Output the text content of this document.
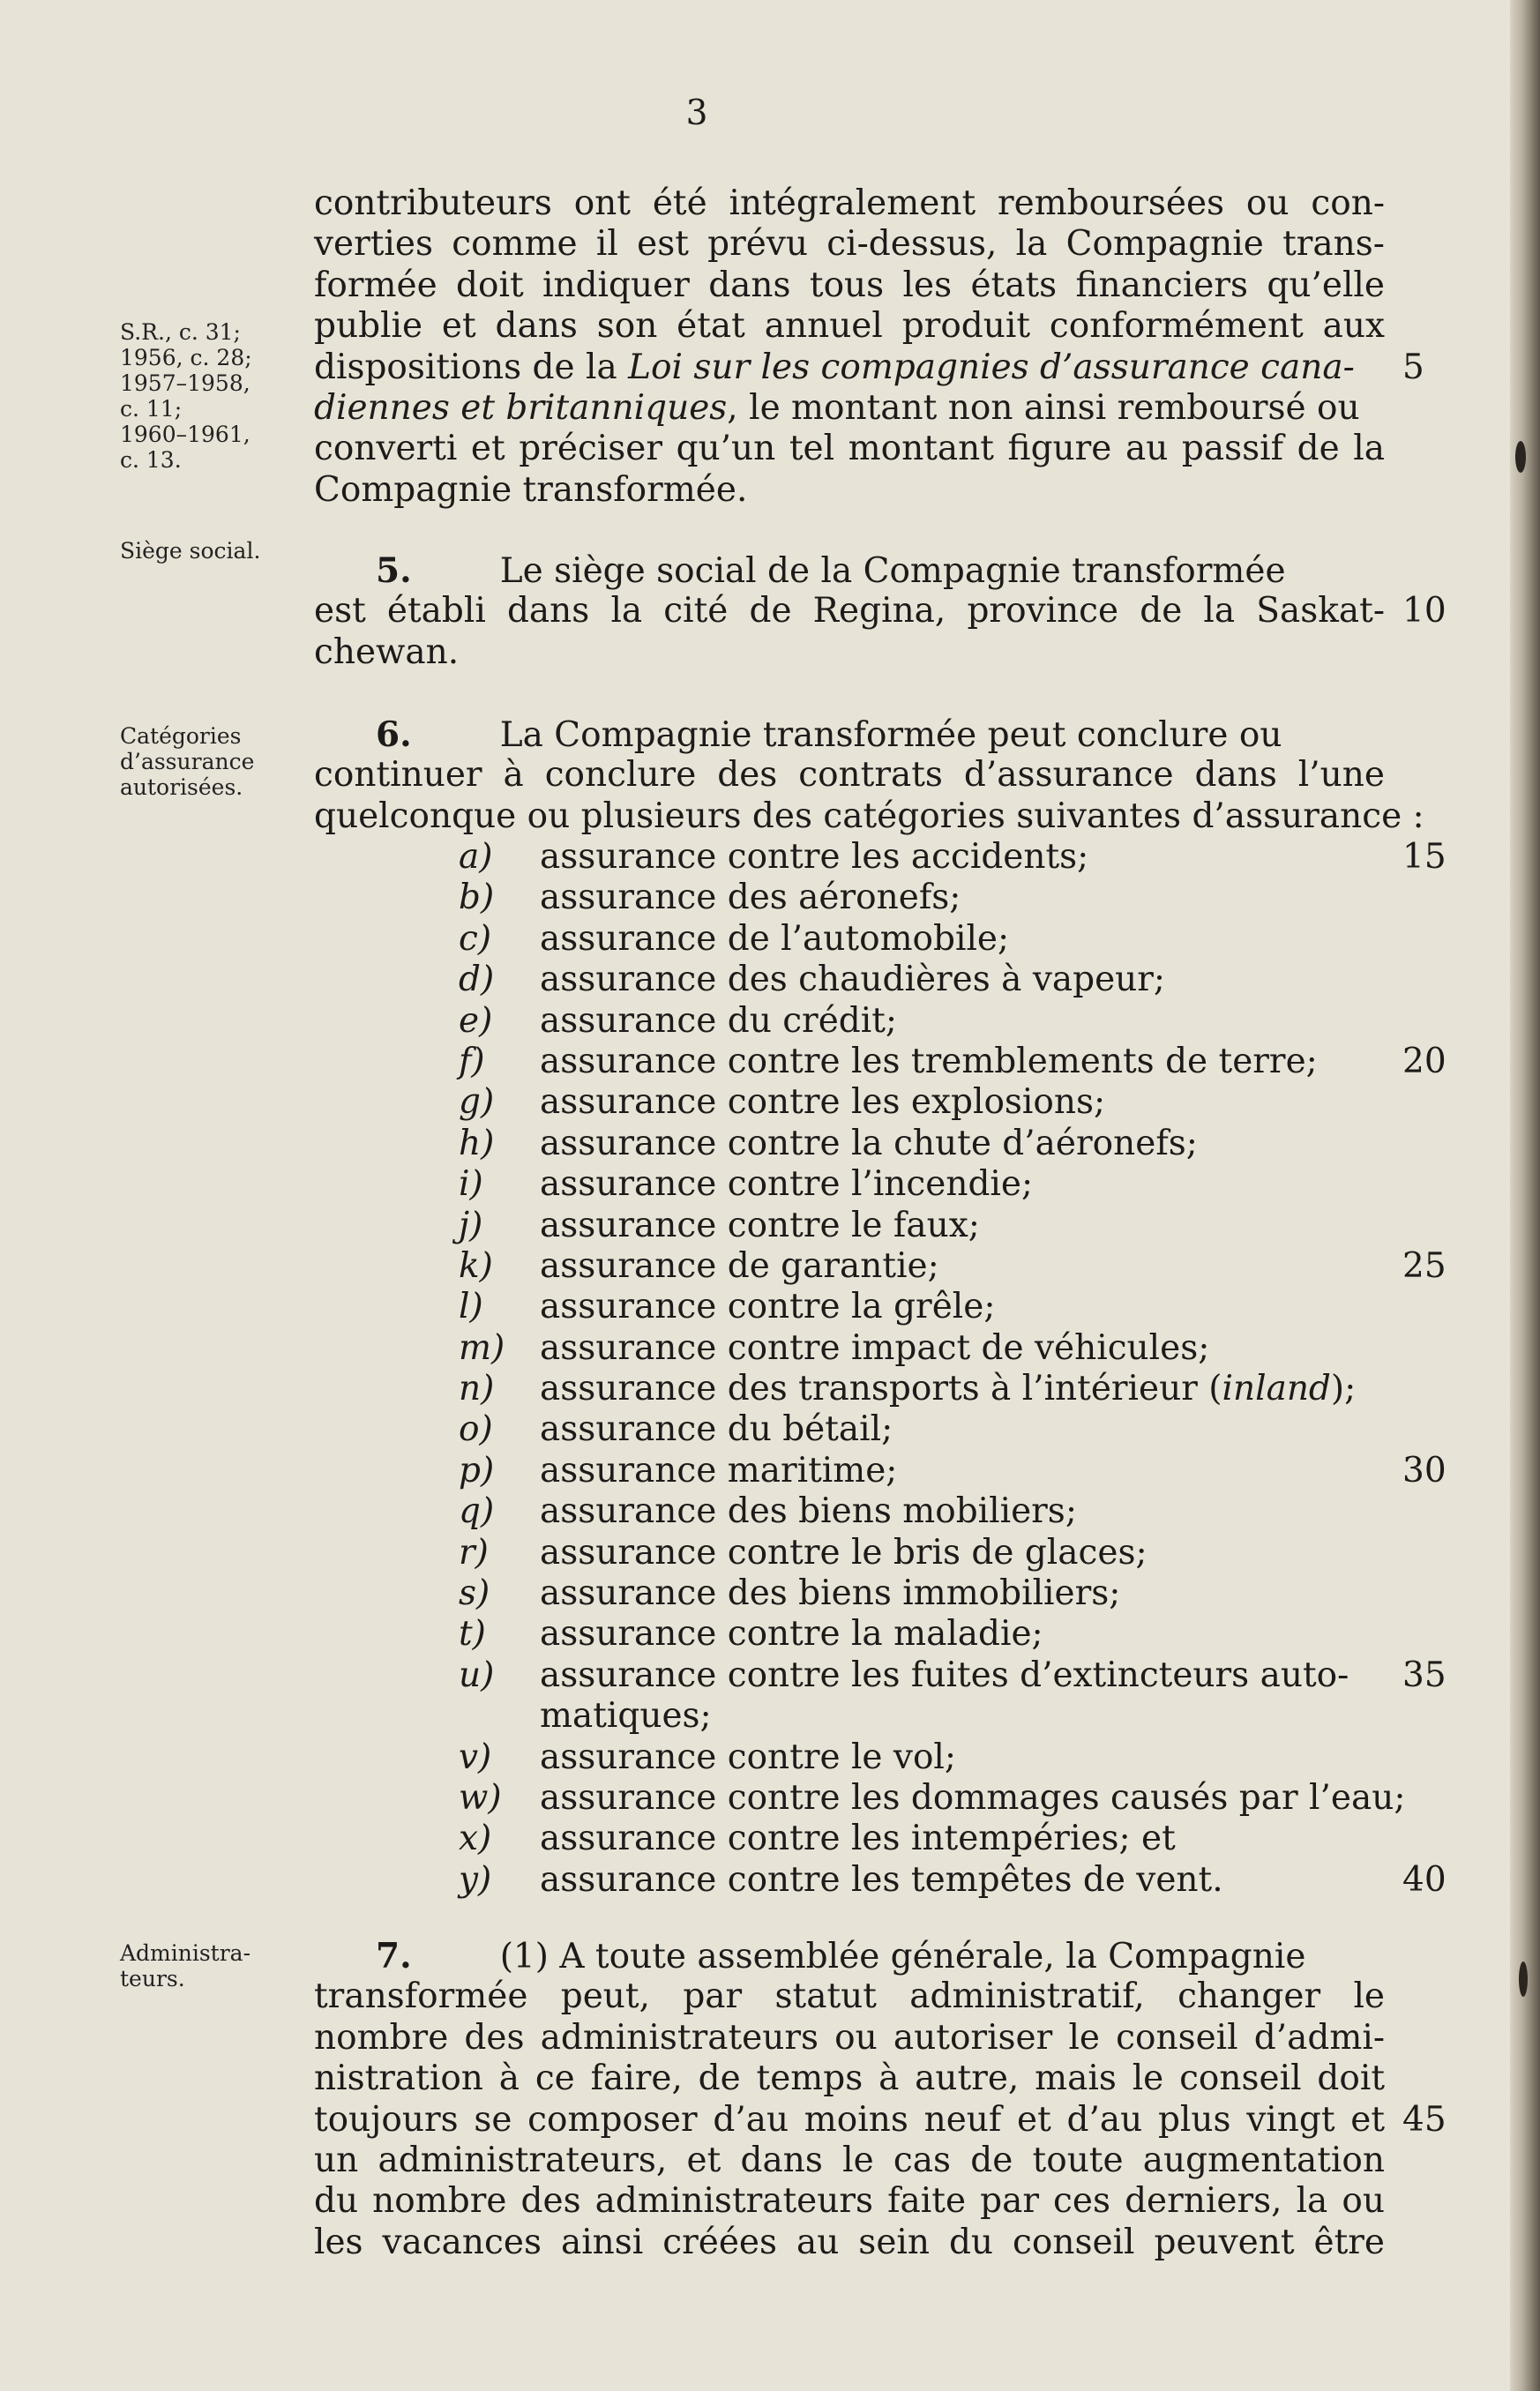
3
S.R., c. 31;
1956, c. 28;
1957–1958,
c. 11;
1960–1961,
c. 13.
Siège social.
Catégories
d’assurance
autorisées.
Administra-
teurs.
contributeurs ont été intégralement remboursées ou con-
verties comme il est prévu ci-dessus, la Compagnie trans-
formée doit indiquer dans tous les états financiers qu’elle
publie et dans son état annuel produit conformément aux
dispositions de la Loi sur les compagnies d’assurance cana-
diennes et britanniques, le montant non ainsi remboursé ou
converti et préciser qu’un tel montant figure au passif de la
Compagnie transformée.
5.	Le siège social de la Compagnie transformée
est établi dans la cité de Regina, province de la Saskat-
chewan.
6.	La Compagnie transformée peut conclure ou
continuer à conclure des contrats d’assurance dans l’une
quelconque ou plusieurs des catégories suivantes d’assurance :
a) assurance contre les accidents;
b) assurance des aéronefs;
c) assurance de l’automobile;
d) assurance des chaudières à vapeur;
e) assurance du crédit;
f) assurance contre les tremblements de terre;
g) assurance contre les explosions;
h) assurance contre la chute d’aéronefs;
i) assurance contre l’incendie;
j) assurance contre le faux;
k) assurance de garantie;
l) assurance contre la grêle;
m) assurance contre impact de véhicules;
n) assurance des transports à l’intérieur (inland);
o) assurance du bétail;
p) assurance maritime;
q) assurance des biens mobiliers;
r) assurance contre le bris de glaces;
s) assurance des biens immobiliers;
t) assurance contre la maladie;
u) assurance contre les fuites d’extincteurs auto-
matiques;
v) assurance contre le vol;
w) assurance contre les dommages causés par l’eau;
x) assurance contre les intempéries; et
y) assurance contre les tempêtes de vent.
7.	(1) A toute assemblée générale, la Compagnie
transformée peut, par statut administratif, changer le
nombre des administrateurs ou autoriser le conseil d’admi-
nistration à ce faire, de temps à autre, mais le conseil doit
toujours se composer d’au moins neuf et d’au plus vingt et
un administrateurs, et dans le cas de toute augmentation
du nombre des administrateurs faite par ces derniers, la ou
les vacances ainsi créées au sein du conseil peuvent être
5
10
15
20
25
30
35
40
45
